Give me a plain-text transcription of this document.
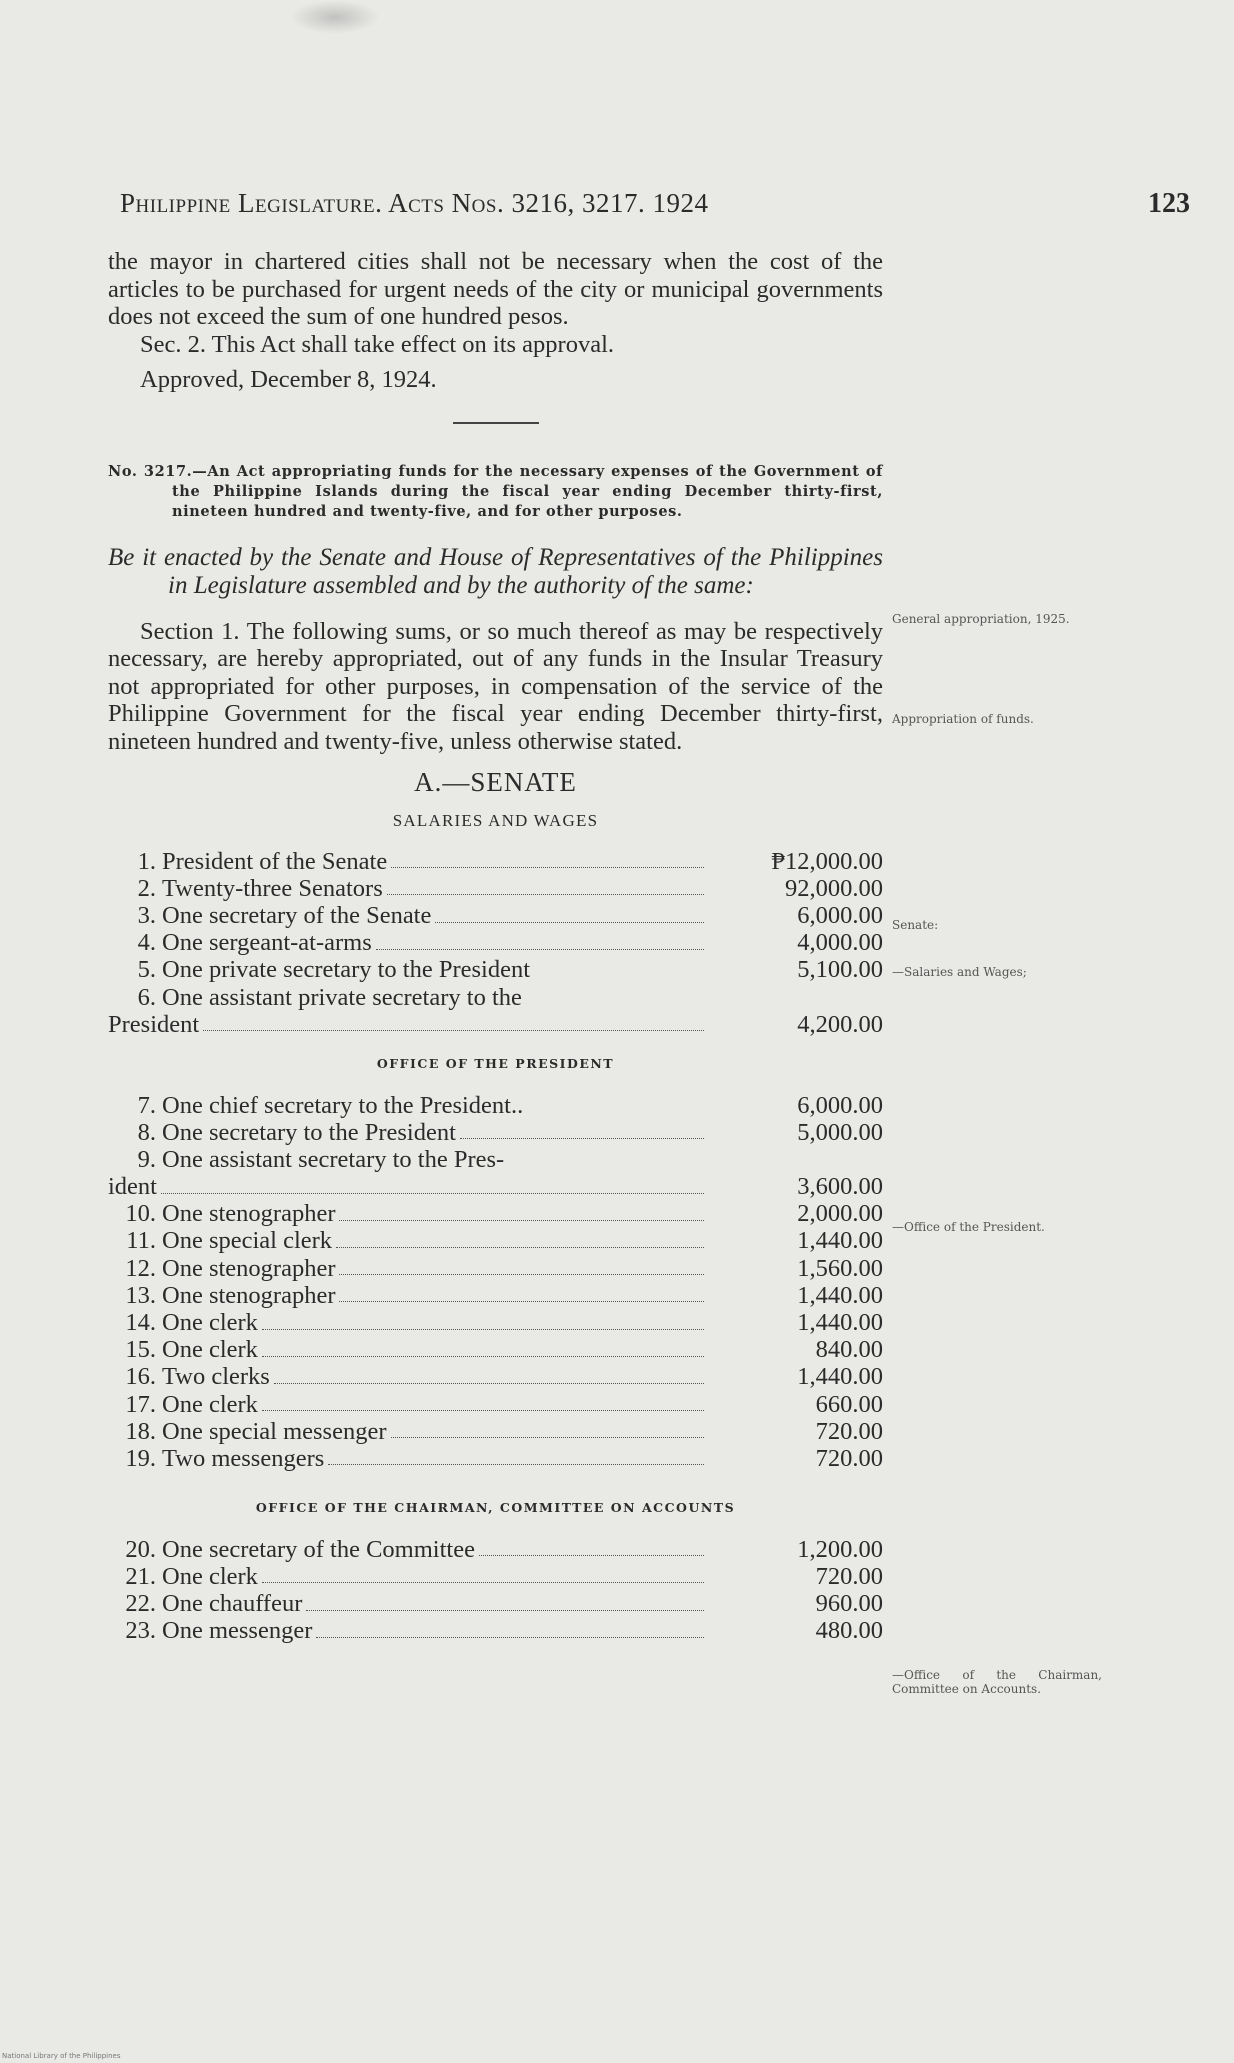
Philippine Legislature. Acts Nos. 3216, 3217. 1924	123

the mayor in chartered cities shall not be necessary when the cost of the articles to be purchased for urgent needs of the city or municipal governments does not exceed the sum of one hundred pesos.

Sec. 2. This Act shall take effect on its approval.

Approved, December 8, 1924.

No. 3217.—An Act appropriating funds for the necessary expenses of the Government of the Philippine Islands during the fiscal year ending December thirty-first, nineteen hundred and twenty-five, and for other purposes.

Be it enacted by the Senate and House of Representatives of the Philippines in Legislature assembled and by the authority of the same:

Section 1. The following sums, or so much thereof as may be respectively necessary, are hereby appropriated, out of any funds in the Insular Treasury not appropriated for other purposes, in compensation of the service of the Philippine Government for the fiscal year ending December thirty-first, nineteen hundred and twenty-five, unless otherwise stated.

A.—SENATE
SALARIES AND WAGES
1. President of the Senate	₱12,000.00
2. Twenty-three Senators	92,000.00
3. One secretary of the Senate	6,000.00
4. One sergeant-at-arms	4,000.00
5. One private secretary to the President	5,100.00
6. One assistant private secretary to the
President	4,200.00
OFFICE OF THE PRESIDENT
7. One chief secretary to the President..	6,000.00
8. One secretary to the President	5,000.00
9. One assistant secretary to the Pres-
ident	3,600.00
10. One stenographer	2,000.00
11. One special clerk	1,440.00
12. One stenographer	1,560.00
13. One stenographer	1,440.00
14. One clerk	1,440.00
15. One clerk	840.00
16. Two clerks	1,440.00
17. One clerk	660.00
18. One special messenger	720.00
19. Two messengers	720.00
OFFICE OF THE CHAIRMAN, COMMITTEE ON ACCOUNTS
20. One secretary of the Committee	1,200.00
21. One clerk	720.00
22. One chauffeur	960.00
23. One messenger	480.00
General appropriation, 1925.
Appropriation of funds.
Senate:
—Salaries and Wages;
—Office of the President.
—Office of the Chairman, Committee on Accounts.
National Library of the Philippines
